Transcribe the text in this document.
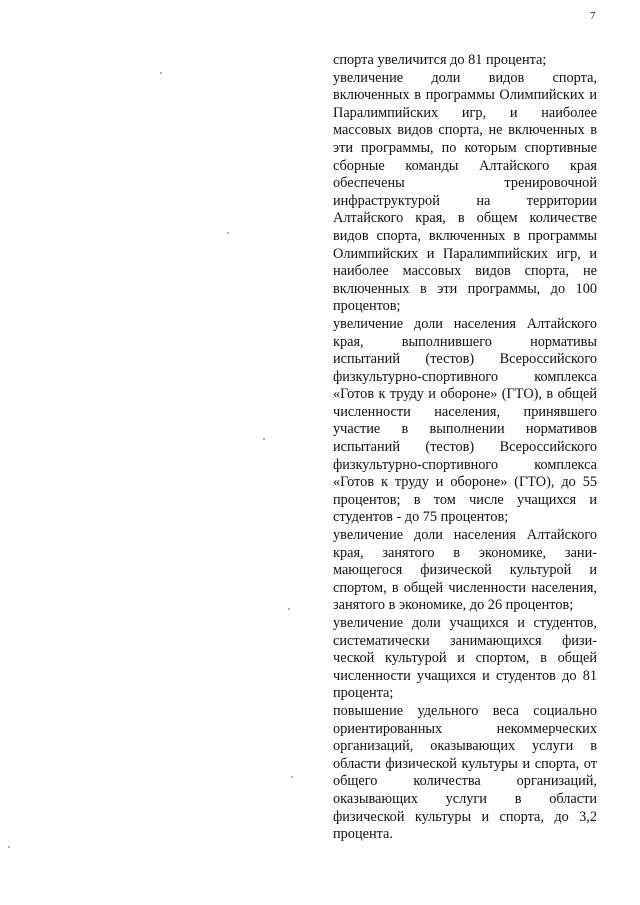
7

спорта увеличится до 81 процента;

увеличение доли видов спорта, включенных в программы Олимпийских и Паралимпийских игр, и наиболее массовых видов спорта, не включенных в эти программы, по которым спортивные сборные команды Алтайского края обеспечены тренировочной инфраструктурой на территории Алтайского края, в общем количестве видов спорта, включенных в программы Олимпийских и Паралимпийских игр, и наиболее массовых видов спорта, не включенных в эти программы, до 100 процентов;

увеличение доли населения Алтайского края, выполнившего нормативы испытаний (тестов) Всероссийского физкультурно-спортивного комплекса «Готов к труду и обороне» (ГТО), в общей численности населения, принявшего участие в выполнении нормативов испытаний (тестов) Всероссийского физкультурно-спортивного комплекса «Готов к труду и обороне» (ГТО), до 55 процентов; в том числе учащихся и студентов - до 75 процентов;

увеличение доли населения Алтайского края, занятого в экономике, занимающегося физической культурой и спортом, в общей численности населения, занятого в экономике, до 26 процентов;

увеличение доли учащихся и студентов, систематически занимающихся физической культурой и спортом, в общей численности учащихся и студентов до 81 процента;

повышение удельного веса социально ориентированных некоммерческих организаций, оказывающих услуги в области физической культуры и спорта, от общего количества организаций, оказывающих услуги в области физической культуры и спорта, до 3,2 процента.
